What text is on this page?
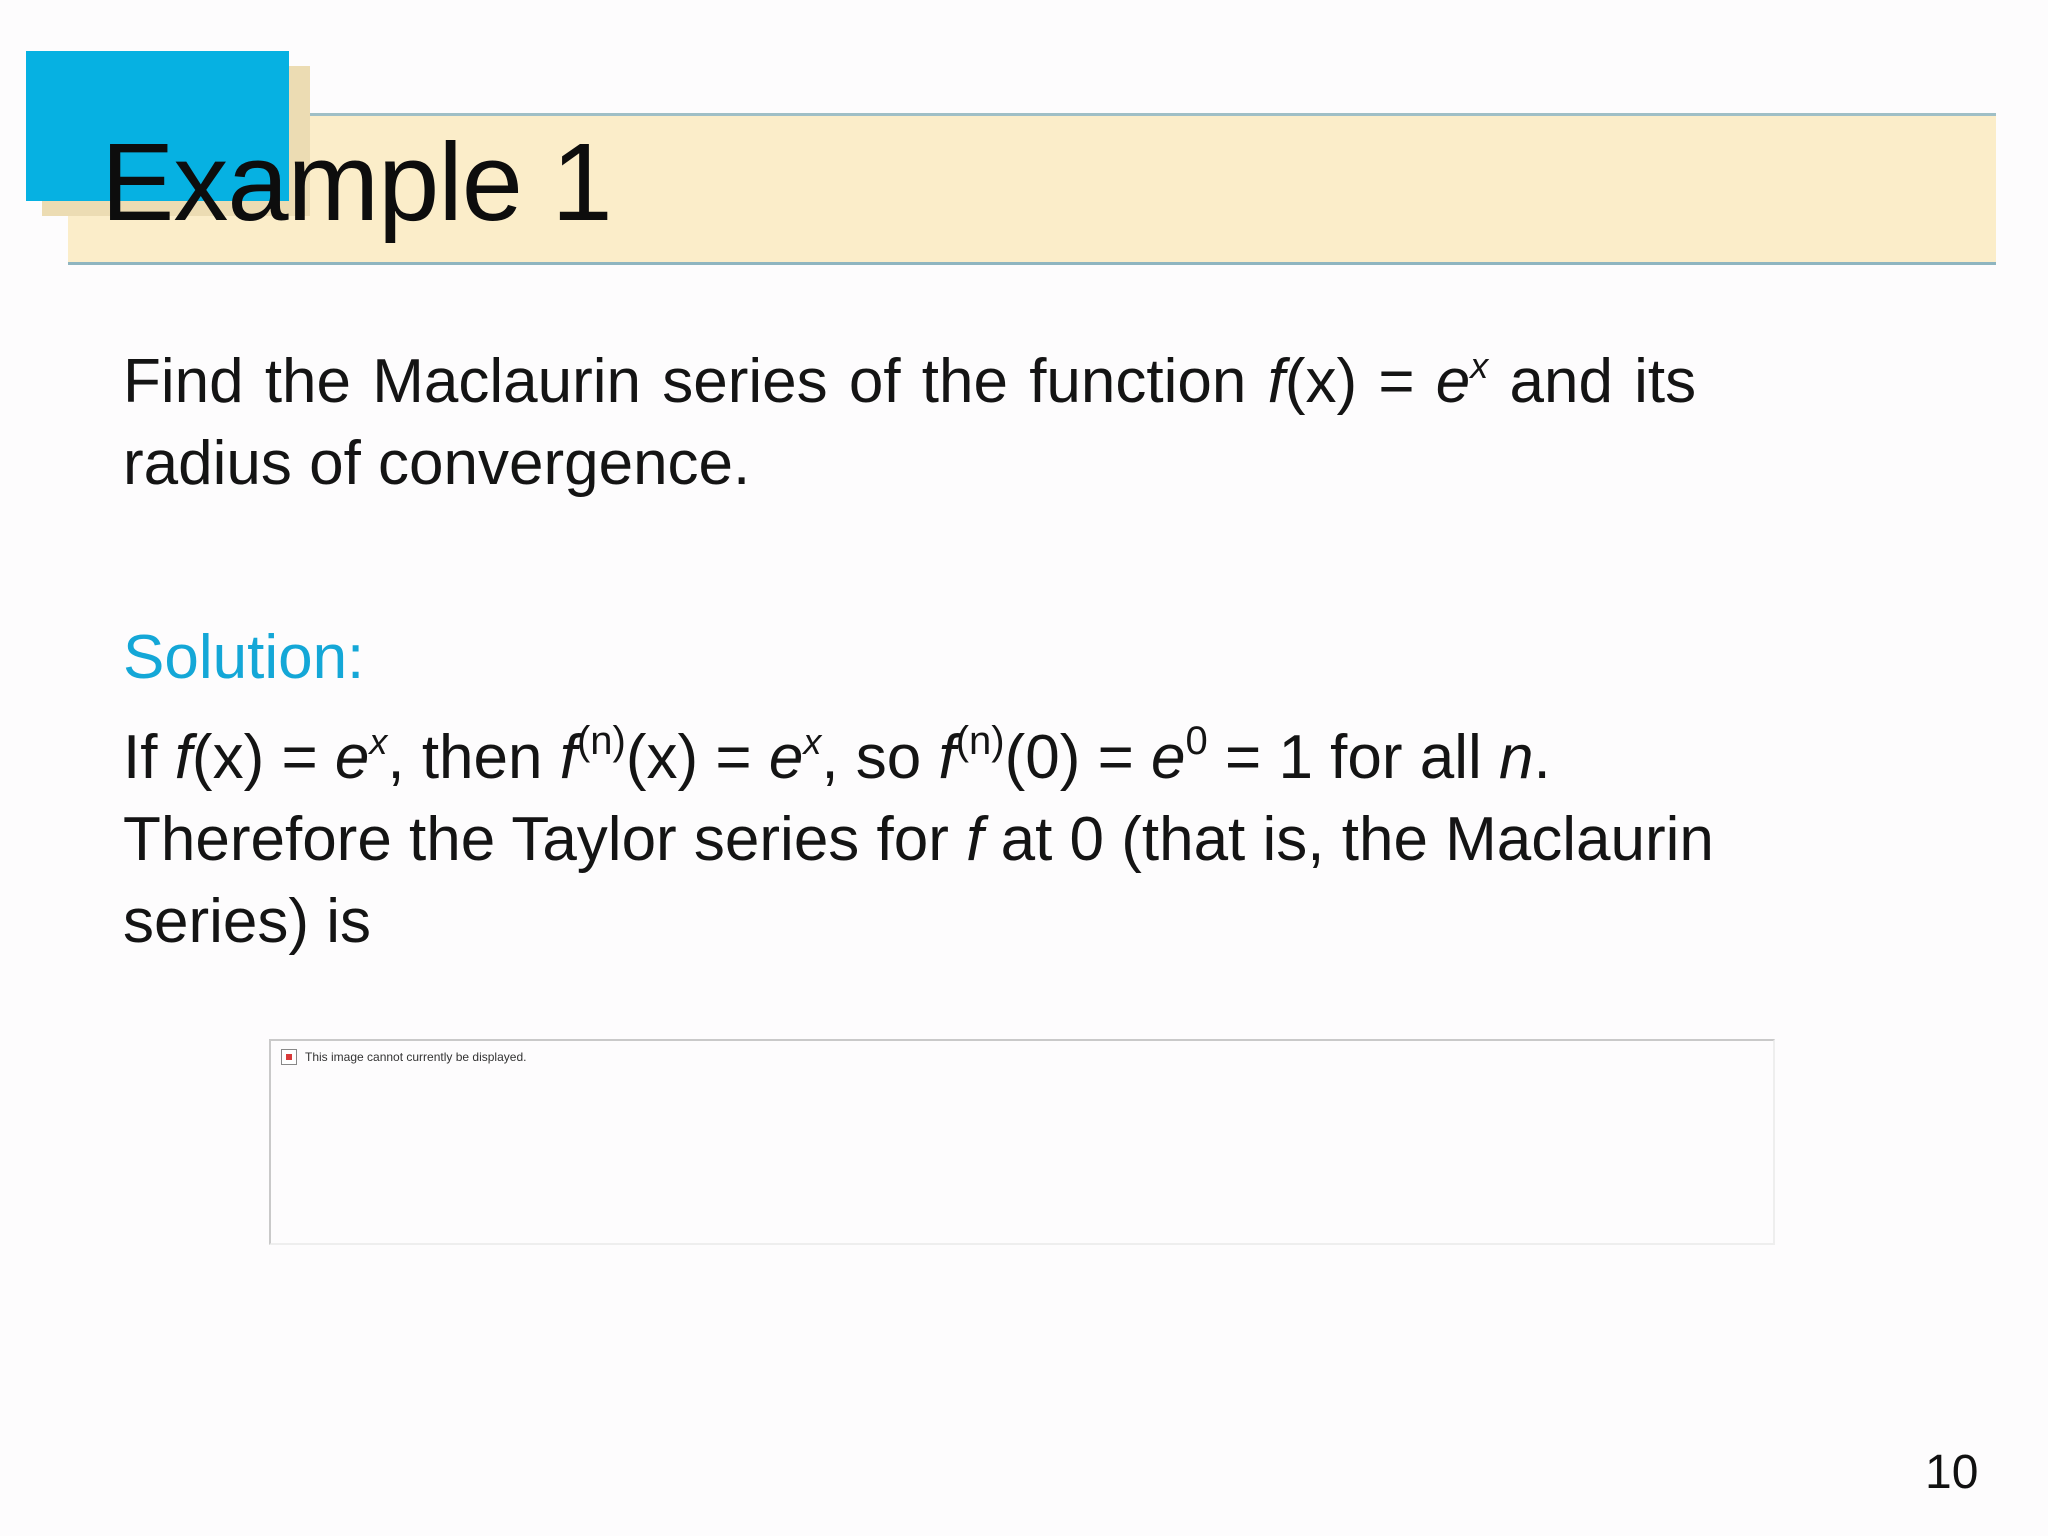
Example 1
Find the Maclaurin series of the function $f(x) = e^x$ and its
radius of convergence.
Solution:
If $f(x) = e^x$, then $f^{(n)}(x) = e^x$, so $f^{(n)}(0) = e^0 = 1$ for all n.
Therefore the Taylor series for f at 0 (that is, the Maclaurin
series) is
This image cannot currently be displayed.
10
